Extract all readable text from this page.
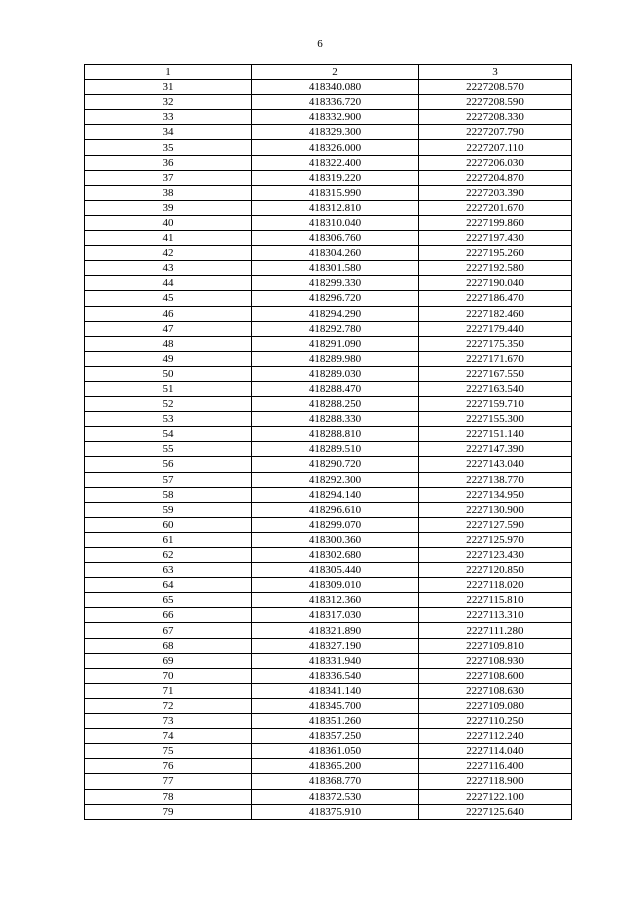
6
1	2	3
31	418340.080	2227208.570
32	418336.720	2227208.590
33	418332.900	2227208.330
34	418329.300	2227207.790
35	418326.000	2227207.110
36	418322.400	2227206.030
37	418319.220	2227204.870
38	418315.990	2227203.390
39	418312.810	2227201.670
40	418310.040	2227199.860
41	418306.760	2227197.430
42	418304.260	2227195.260
43	418301.580	2227192.580
44	418299.330	2227190.040
45	418296.720	2227186.470
46	418294.290	2227182.460
47	418292.780	2227179.440
48	418291.090	2227175.350
49	418289.980	2227171.670
50	418289.030	2227167.550
51	418288.470	2227163.540
52	418288.250	2227159.710
53	418288.330	2227155.300
54	418288.810	2227151.140
55	418289.510	2227147.390
56	418290.720	2227143.040
57	418292.300	2227138.770
58	418294.140	2227134.950
59	418296.610	2227130.900
60	418299.070	2227127.590
61	418300.360	2227125.970
62	418302.680	2227123.430
63	418305.440	2227120.850
64	418309.010	2227118.020
65	418312.360	2227115.810
66	418317.030	2227113.310
67	418321.890	2227111.280
68	418327.190	2227109.810
69	418331.940	2227108.930
70	418336.540	2227108.600
71	418341.140	2227108.630
72	418345.700	2227109.080
73	418351.260	2227110.250
74	418357.250	2227112.240
75	418361.050	2227114.040
76	418365.200	2227116.400
77	418368.770	2227118.900
78	418372.530	2227122.100
79	418375.910	2227125.640
